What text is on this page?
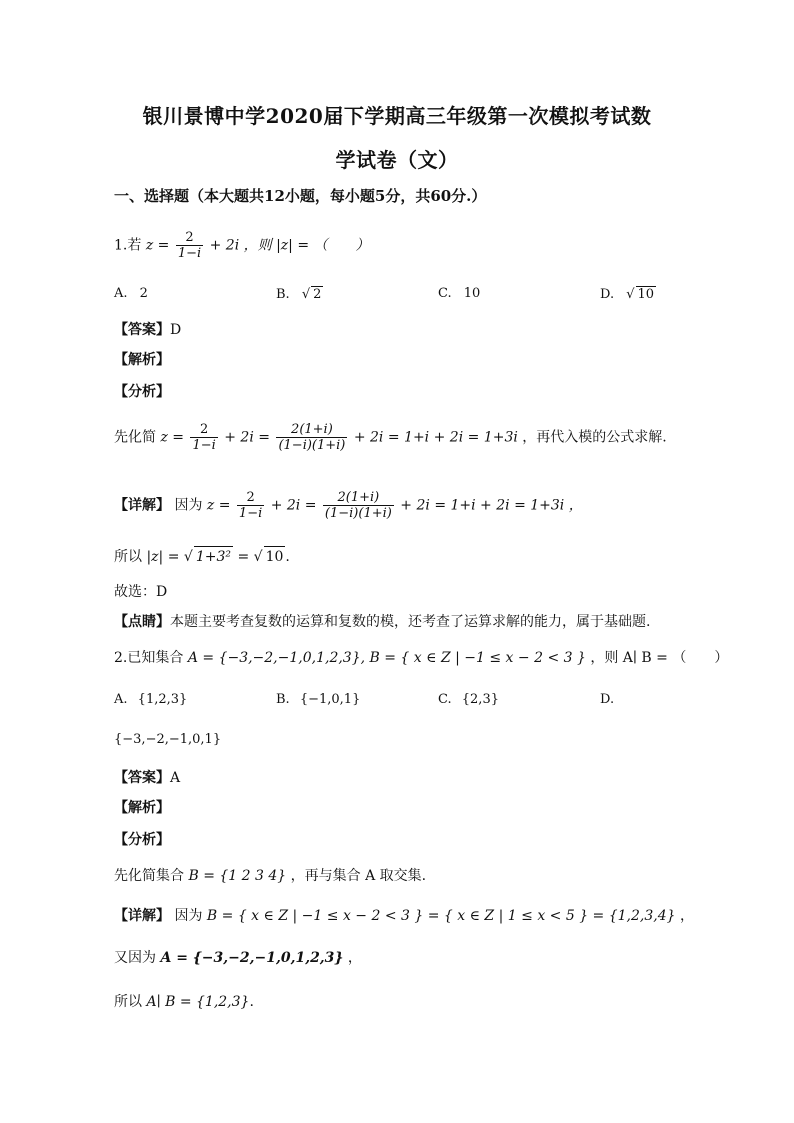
银川景博中学2020届下学期高三年级第一次模拟考试数
学试卷（文）
一、选择题（本大题共12小题，每小题5分，共60分.）
1.若 $z = \frac{2}{1-i} + 2i$ ，则 |z| = （　　）
A. 2	B. √ 2	C. 10	D. √ 10
【答案】D
【解析】
【分析】
先化简 $z = \frac{2}{1-i} + 2i = \frac{2(1+i)}{(1-i)(1+i)} + 2i = 1+i + 2i = 1+3i$ ，再代入模的公式求解.
【详解】 因为 $z = \frac{2}{1-i} + 2i = \frac{2(1+i)}{(1-i)(1+i)} + 2i = 1+i + 2i = 1+3i$ ，
所以 |z| = √ 1+3² = √ 10 .
故选：D
【点睛】本题主要考查复数的运算和复数的模，还考查了运算求解的能力，属于基础题.
2.已知集合 A = {−3,−2,−1,0,1,2,3}, B = { x ∈ Z | −1 ≤ x − 2 < 3 } ，则 A∣ B = （　　）
A. {1,2,3}	B. {−1,0,1}	C. {2,3}	D.
{−3,−2,−1,0,1}
【答案】A
【解析】
【分析】
先化简集合 B = {1 2 3 4} ，再与集合 A 取交集.
【详解】 因为 B = { x ∈ Z | −1 ≤ x − 2 < 3 } = { x ∈ Z | 1 ≤ x < 5 } = {1,2,3,4} ，
又因为 A = {−3,−2,−1,0,1,2,3} ，
所以 A∣ B = {1,2,3}.
